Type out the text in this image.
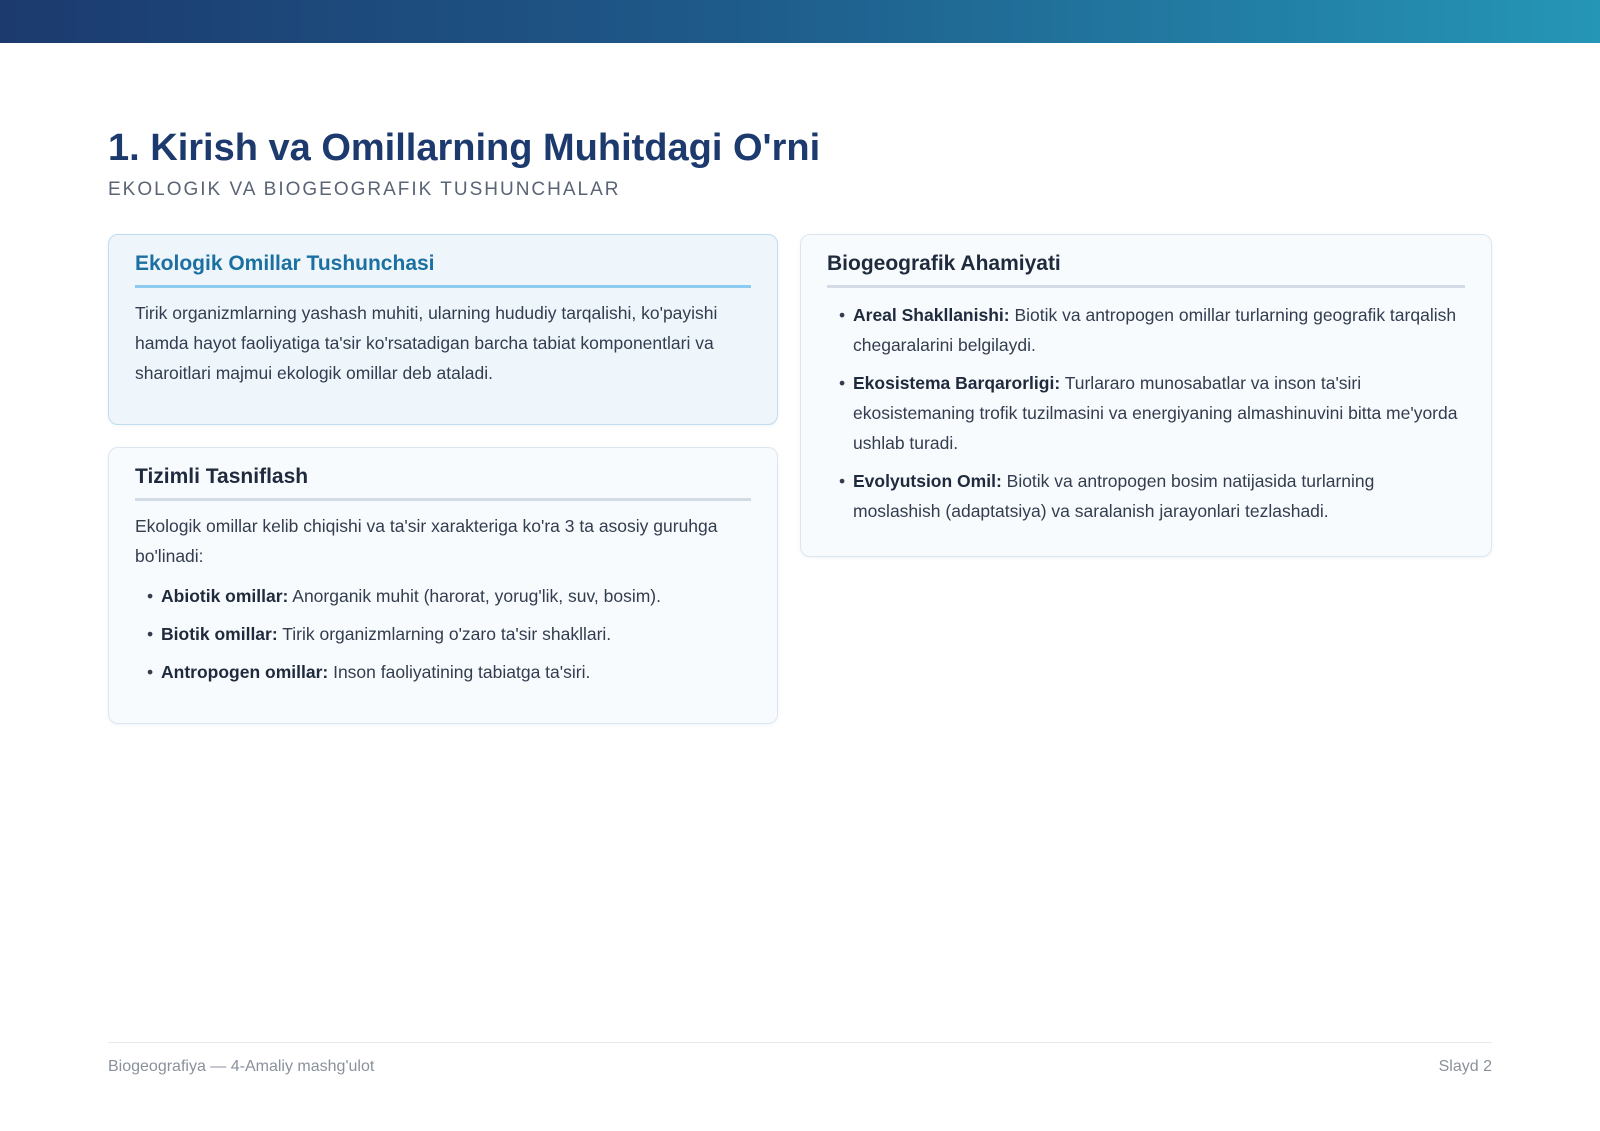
1. Kirish va Omillarning Muhitdagi O'rni
EKOLOGIK VA BIOGEOGRAFIK TUSHUNCHALAR
Ekologik Omillar Tushunchasi

Tirik organizmlarning yashash muhiti, ularning hududiy tarqalishi, ko'payishi hamda hayot faoliyatiga ta'sir ko'rsatadigan barcha tabiat komponentlari va sharoitlari majmui ekologik omillar deb ataladi.

Tizimli Tasniflash

Ekologik omillar kelib chiqishi va ta'sir xarakteriga ko'ra 3 ta asosiy guruhga bo'linadi:

• Abiotik omillar: Anorganik muhit (harorat, yorug'lik, suv, bosim).
• Biotik omillar: Tirik organizmlarning o'zaro ta'sir shakllari.
• Antropogen omillar: Inson faoliyatining tabiatga ta'siri.
Biogeografik Ahamiyati
• Areal Shakllanishi: Biotik va antropogen omillar turlarning geografik tarqalish chegaralarini belgilaydi.
• Ekosistema Barqarorligi: Turlararo munosabatlar va inson ta'siri ekosistemaning trofik tuzilmasini va energiyaning almashinuvini bitta me'yorda ushlab turadi.
• Evolyutsion Omil: Biotik va antropogen bosim natijasida turlarning moslashish (adaptatsiya) va saralanish jarayonlari tezlashadi.
Biogeografiya — 4-Amaliy mashg'ulot	Slayd 2
